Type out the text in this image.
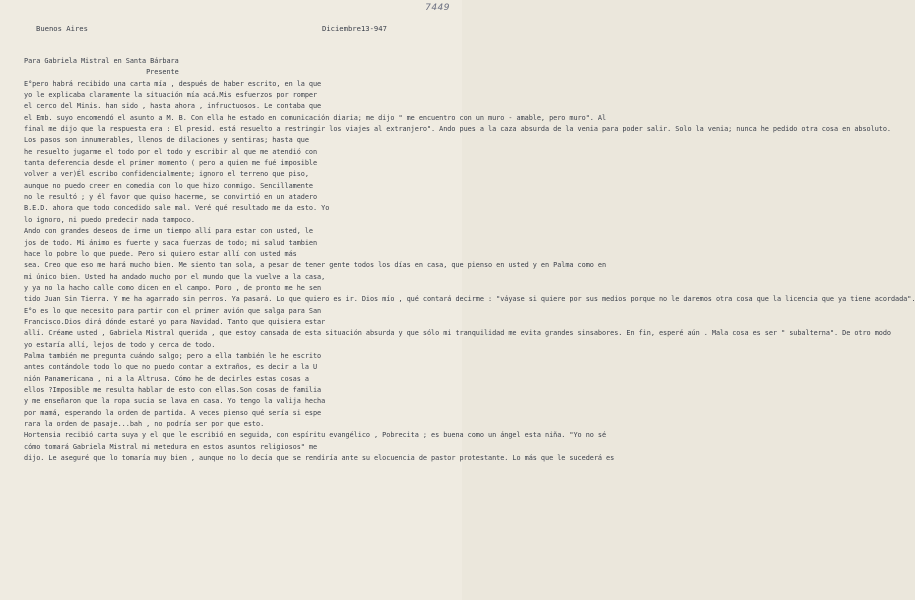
7449
Buenos Aires	Diciembre13-947
Para Gabriela Mistral en Santa Bárbara
Presente
E°pero habrá recibido una carta mía , después de haber escrito, en la que
yo le explicaba claramente la situación mía acá.Mis esfuerzos por romper
el cerco del Minis. han sido , hasta ahora , infructuosos. Le contaba que
el Emb. suyo encomendó el asunto a M. B. Con ella he estado en comunicación diaria; me dijo " me encuentro con un muro - amable, pero muro". Al
final me dijo que la respuesta era : El presid. está resuelto a restringir los viajes al extranjero". Ando pues a la caza absurda de la venia para poder salir. Solo la venia; nunca he pedido otra cosa en absoluto.
Los pasos son innumerables, llenos de dilaciones y sentiras; hasta que
he resuelto jugarme el todo por el todo y escribir al que me atendió con
tanta deferencia desde el primer momento ( pero a quien me fué imposible
volver a ver)Él escribo confidencialmente; ignoro el terreno que piso,
aunque no puedo creer en comedia con lo que hizo conmigo. Sencillamente
no le resultó ; y él favor que quiso hacerme, se convirtió en un atadero
B.E.D. ahora que todo concedido sale mal. Veré qué resultado me da esto. Yo
lo ignoro, ni puedo predecir nada tampoco.
Ando con grandes deseos de irme un tiempo allí para estar con usted, le
jos de todo. Mi ánimo es fuerte y saca fuerzas de todo; mi salud tambien
hace lo pobre lo que puede. Pero si quiero estar allí con usted más
sea. Creo que eso me hará mucho bien. Me siento tan sola, a pesar de tener gente todos los días en casa, que pienso en usted y en Palma como en
mi único bien. Usted ha andado mucho por el mundo que la vuelve a la casa,
y ya no la hacho calle como dicen en el campo. Poro , de pronto me he sen
tido Juan Sin Tierra. Y me ha agarrado sin perros. Ya pasará. Lo que quiero es ir. Dios mío , qué contará decirme : "váyase si quiere por sus medios porque no le daremos otra cosa que la licencia que ya tiene acordada".
E°o es lo que necesito para partir con el primer avión que salga para San
Francisco.Dios dirá dónde estaré yo para Navidad. Tanto que quisiera estar
allí. Créame usted , Gabriela Mistral querida , que estoy cansada de esta situación absurda y que sólo mi tranquilidad me evita grandes sinsabores. En fin, esperé aún . Mala cosa es ser " subalterna". De otro modo
yo estaría allí, lejos de todo y cerca de todo.
Palma también me pregunta cuándo salgo; pero a ella también le he escrito
antes contándole todo lo que no puedo contar a extraños, es decir a la U
nión Panamericana , ni a la Altrusa. Cómo he de decirles estas cosas a
ellos ?Imposible me resulta hablar de esto con ellas.Son cosas de familia
y me enseñaron que la ropa sucia se lava en casa. Yo tengo la valija hecha
por mamá, esperando la orden de partida. A veces pienso qué sería si espe
rara la orden de pasaje...bah , no podría ser por que esto.
Hortensia recibió carta suya y el que le escribió en seguida, con espíritu evangélico , Pobrecita ; es buena como un ángel esta niña. "Yo no sé
cómo tomará Gabriela Mistral mi metedura en estos asuntos religiosos" me
dijo. Le aseguré que lo tomaría muy bien , aunque no lo decía que se rendiría ante su elocuencia de pastor protestante. Lo más que le sucederá es
